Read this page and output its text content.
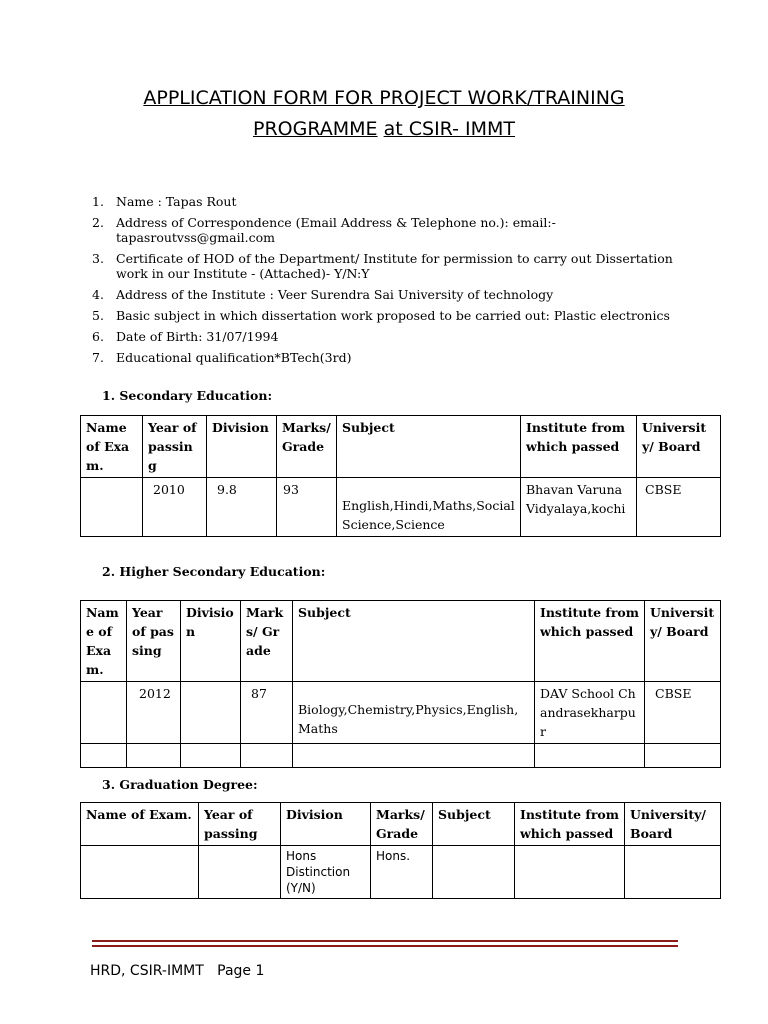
APPLICATION FORM FOR PROJECT WORK/TRAINING
PROGRAMME at CSIR- IMMT
1. Name : Tapas Rout
2. Address of Correspondence (Email Address & Telephone no.): email:- tapasroutvss@gmail.com
3. Certificate of HOD of the Department/ Institute for permission to carry out Dissertation work in our Institute - (Attached)- Y/N:Y
4. Address of the Institute : Veer Surendra Sai University of technology
5. Basic subject in which dissertation work proposed to be carried out: Plastic electronics
6. Date of Birth: 31/07/1994
7. Educational qualification*BTech(3rd)
1. Secondary Education:
Name of Exam.	Year of passing	Division	Marks/ Grade	Subject	Institute from which passed	University/ Board
	2010	9.8	93	English,Hindi,Maths,Social Science,Science	Bhavan Varuna Vidyalaya,kochi	CBSE
2. Higher Secondary Education:
Name of Exam.	Year of passing	Division	Marks/ Grade	Subject	Institute from which passed	University/ Board
	2012		87	Biology,Chemistry,Physics,English, Maths	DAV School Chandrasekharpur	CBSE

3. Graduation Degree:
Name of Exam.	Year of passing	Division	Marks/ Grade	Subject	Institute from which passed	University/ Board
		Hons Distinction (Y/N)	Hons.			
HRD, CSIR-IMMT   Page 1
